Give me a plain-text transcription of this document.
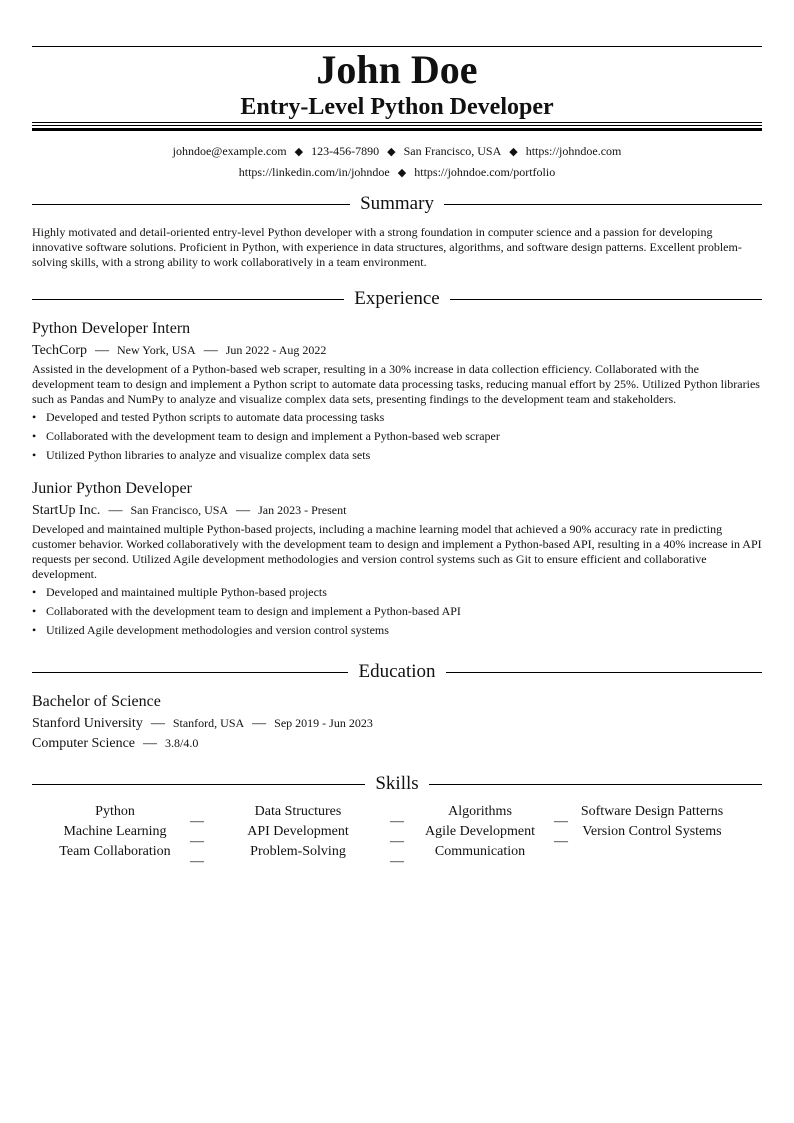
John Doe
Entry-Level Python Developer
johndoe@example.com ◆ 123-456-7890 ◆ San Francisco, USA ◆ https://johndoe.com
https://linkedin.com/in/johndoe ◆ https://johndoe.com/portfolio
Summary
Highly motivated and detail-oriented entry-level Python developer with a strong foundation in computer science and a passion for developing innovative software solutions. Proficient in Python, with experience in data structures, algorithms, and software design patterns. Excellent problem-solving skills, with a strong ability to work collaboratively in a team environment.
Experience
Python Developer Intern
TechCorp — New York, USA — Jun 2022 - Aug 2022
Assisted in the development of a Python-based web scraper, resulting in a 30% increase in data collection efficiency. Collaborated with the development team to design and implement a Python script to automate data processing tasks, reducing manual effort by 25%. Utilized Python libraries such as Pandas and NumPy to analyze and visualize complex data sets, presenting findings to the development team and stakeholders.
• Developed and tested Python scripts to automate data processing tasks
• Collaborated with the development team to design and implement a Python-based web scraper
• Utilized Python libraries to analyze and visualize complex data sets
Junior Python Developer
StartUp Inc. — San Francisco, USA — Jan 2023 - Present
Developed and maintained multiple Python-based projects, including a machine learning model that achieved a 90% accuracy rate in predicting customer behavior. Worked collaboratively with the development team to design and implement a Python-based API, resulting in a 40% increase in API requests per second. Utilized Agile development methodologies and version control systems such as Git to ensure efficient and collaborative development.
• Developed and maintained multiple Python-based projects
• Collaborated with the development team to design and implement a Python-based API
• Utilized Agile development methodologies and version control systems
Education
Bachelor of Science
Stanford University — Stanford, USA — Sep 2019 - Jun 2023
Computer Science — 3.8/4.0
Skills
Python
—
Data Structures
—
Algorithms
—
Software Design Patterns
Machine Learning
—
API Development
—
Agile Development
—
Version Control Systems
Team Collaboration
—
Problem-Solving
—
Communication
